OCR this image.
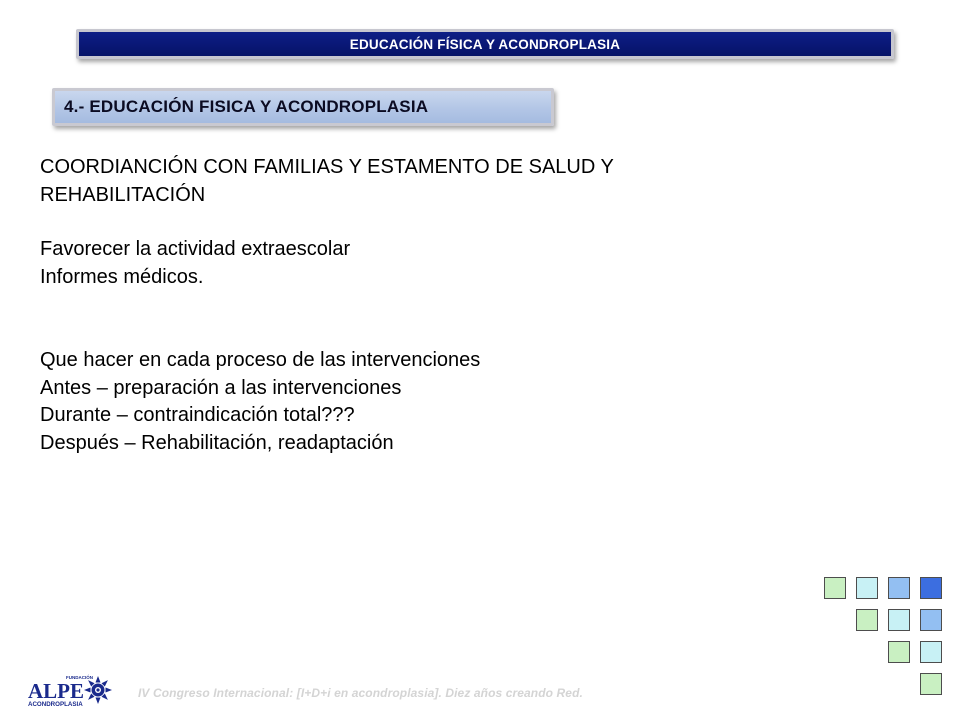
EDUCACIÓN FÍSICA Y ACONDROPLASIA
4.- EDUCACIÓN FISICA Y ACONDROPLASIA
COORDIANCIÓN CON FAMILIAS Y ESTAMENTO DE SALUD Y
REHABILITACIÓN
Favorecer la actividad extraescolar
Informes médicos.
Que hacer en cada proceso de las intervenciones
Antes – preparación a las intervenciones
Durante – contraindicación total???
Después – Rehabilitación, readaptación
FUNDACIÓN
ALPE
ACONDROPLASIA
IV Congreso Internacional: [I+D+i en acondroplasia]. Diez años creando Red.
